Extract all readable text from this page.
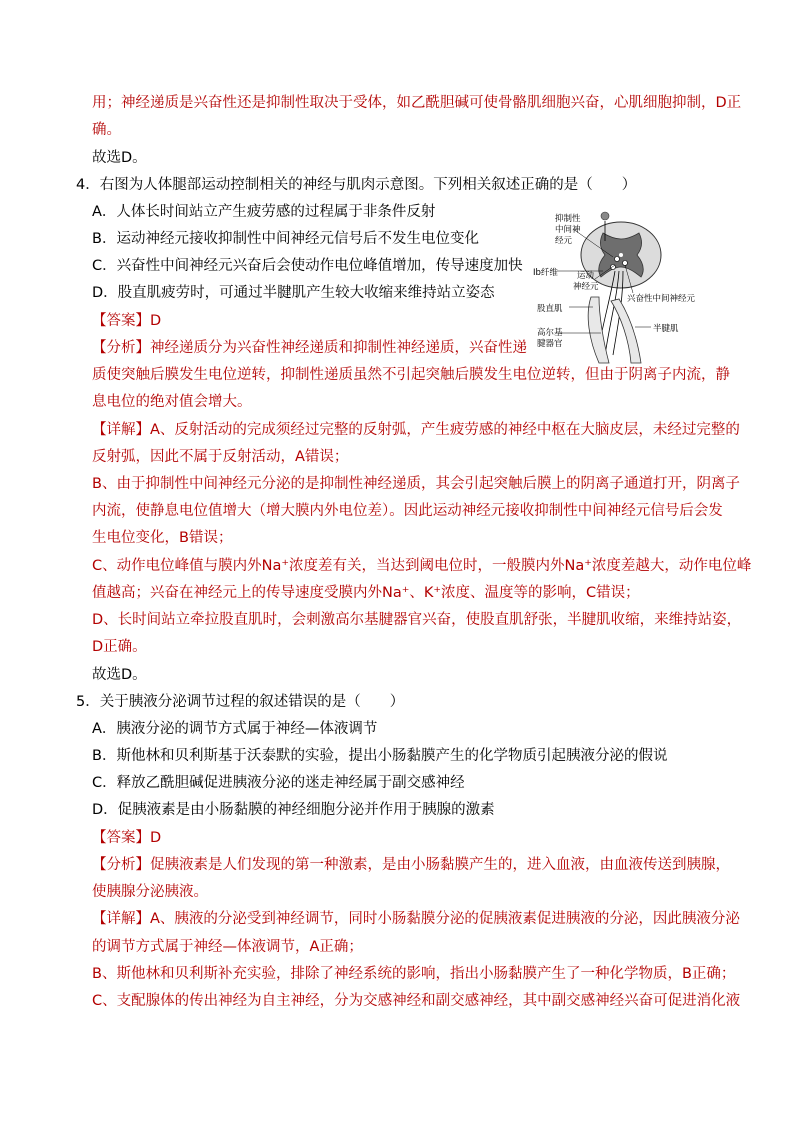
用；神经递质是兴奋性还是抑制性取决于受体，如乙酰胆碱可使骨骼肌细胞兴奋，心肌细胞抑制，D正
确。
故选D。
4．右图为人体腿部运动控制相关的神经与肌肉示意图。下列相关叙述正确的是（　　）
A．人体长时间站立产生疲劳感的过程属于非条件反射
B．运动神经元接收抑制性中间神经元信号后不发生电位变化
C．兴奋性中间神经元兴奋后会使动作电位峰值增加，传导速度加快
D．股直肌疲劳时，可通过半腱肌产生较大收缩来维持站立姿态
【答案】D
【分析】神经递质分为兴奋性神经递质和抑制性神经递质，兴奋性递
质使突触后膜发生电位逆转，抑制性递质虽然不引起突触后膜发生电位逆转，但由于阴离子内流，静
息电位的绝对值会增大。
【详解】A、反射活动的完成须经过完整的反射弧，产生疲劳感的神经中枢在大脑皮层，未经过完整的
反射弧，因此不属于反射活动，A错误；
B、由于抑制性中间神经元分泌的是抑制性神经递质，其会引起突触后膜上的阴离子通道打开，阴离子
内流，使静息电位值增大（增大膜内外电位差）。因此运动神经元接收抑制性中间神经元信号后会发
生电位变化，B错误；
C、动作电位峰值与膜内外Na⁺浓度差有关，当达到阈电位时，一般膜内外Na⁺浓度差越大，动作电位峰
值越高；兴奋在神经元上的传导速度受膜内外Na⁺、K⁺浓度、温度等的影响，C错误；
D、长时间站立牵拉股直肌时，会刺激高尔基腱器官兴奋，使股直肌舒张，半腱肌收缩，来维持站姿，
D正确。
故选D。
5．关于胰液分泌调节过程的叙述错误的是（　　）
A．胰液分泌的调节方式属于神经—体液调节
B．斯他林和贝利斯基于沃泰默的实验，提出小肠黏膜产生的化学物质引起胰液分泌的假说
C．释放乙酰胆碱促进胰液分泌的迷走神经属于副交感神经
D．促胰液素是由小肠黏膜的神经细胞分泌并作用于胰腺的激素
【答案】D
【分析】促胰液素是人们发现的第一种激素，是由小肠黏膜产生的，进入血液，由血液传送到胰腺，
使胰腺分泌胰液。
【详解】A、胰液的分泌受到神经调节，同时小肠黏膜分泌的促胰液素促进胰液的分泌，因此胰液分泌
的调节方式属于神经—体液调节，A正确；
B、斯他林和贝利斯补充实验，排除了神经系统的影响，指出小肠黏膜产生了一种化学物质，B正确；
C、支配腺体的传出神经为自主神经，分为交感神经和副交感神经，其中副交感神经兴奋可促进消化液
抑制性
中间神
经元
Ib纤维 运动
神经元
兴奋性中间神经元
股直肌
高尔基
腱器官
半腱肌
